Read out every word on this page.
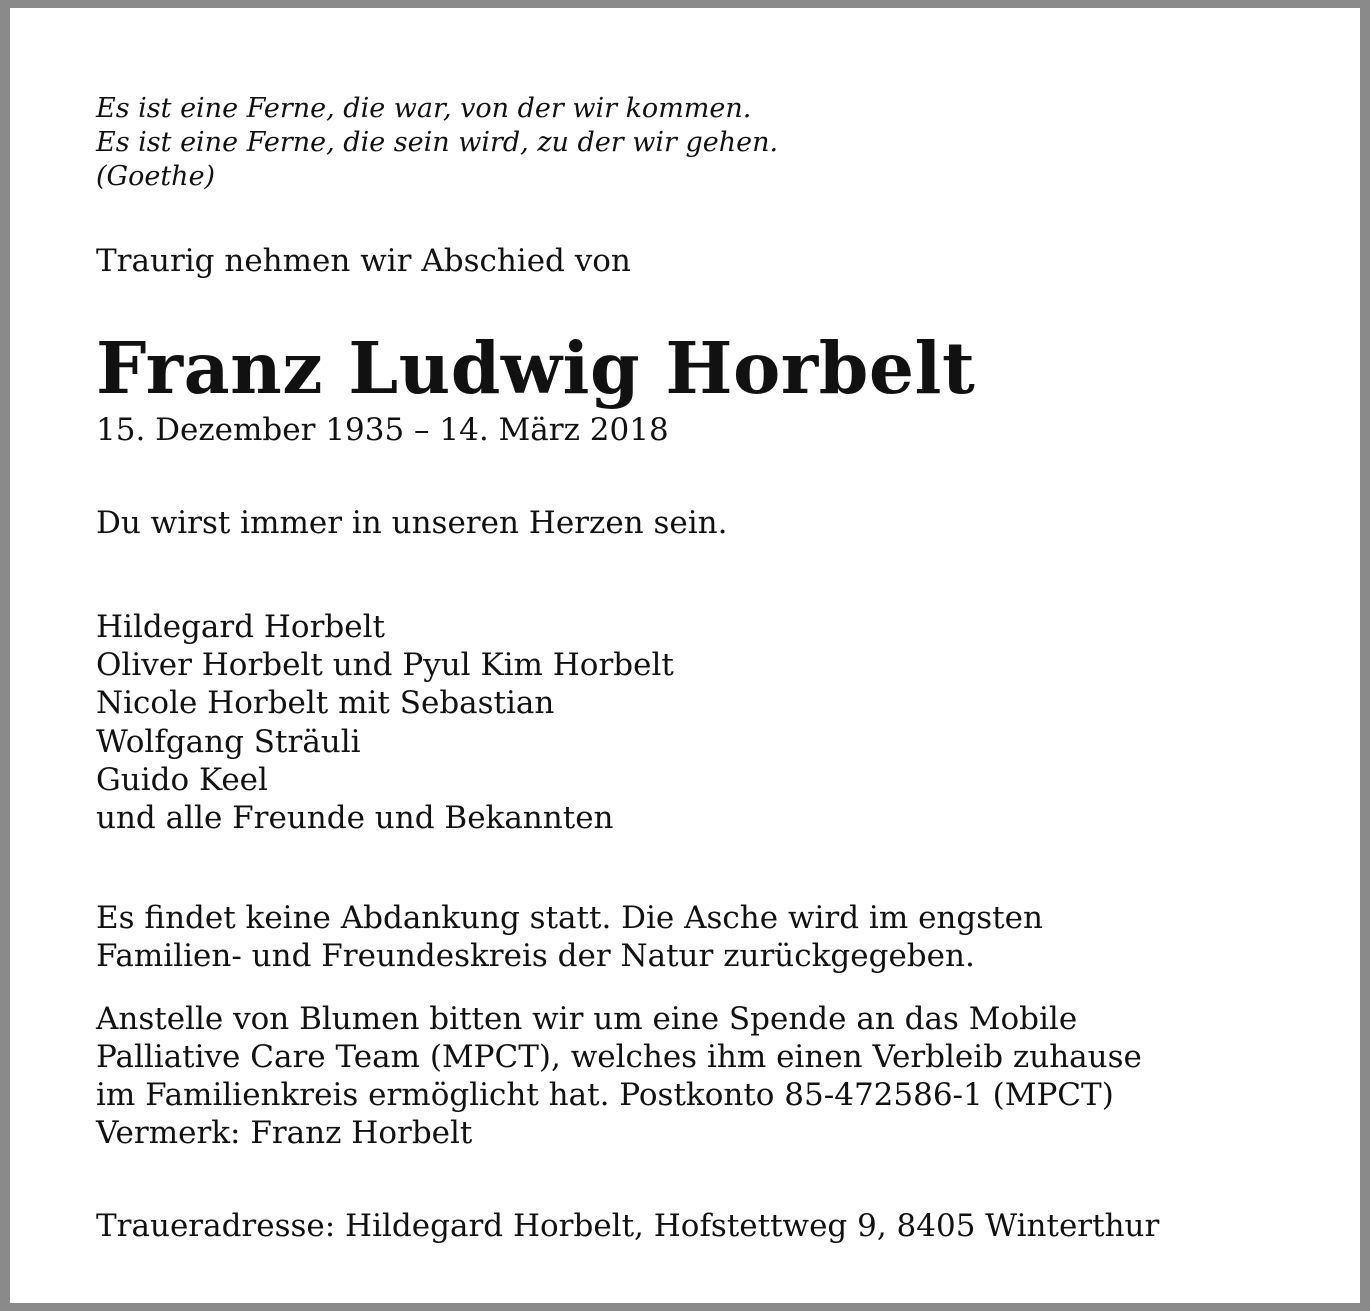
Es ist eine Ferne, die war, von der wir kommen.
Es ist eine Ferne, die sein wird, zu der wir gehen.
(Goethe)
Traurig nehmen wir Abschied von
Franz Ludwig Horbelt
15. Dezember 1935 – 14. März 2018
Du wirst immer in unseren Herzen sein.
Hildegard Horbelt
Oliver Horbelt und Pyul Kim Horbelt
Nicole Horbelt mit Sebastian
Wolfgang Sträuli
Guido Keel
und alle Freunde und Bekannten
Es findet keine Abdankung statt. Die Asche wird im engsten
Familien- und Freundeskreis der Natur zurückgegeben.
Anstelle von Blumen bitten wir um eine Spende an das Mobile
Palliative Care Team (MPCT), welches ihm einen Verbleib zuhause
im Familienkreis ermöglicht hat. Postkonto 85-472586-1 (MPCT)
Vermerk: Franz Horbelt
Traueradresse: Hildegard Horbelt, Hofstettweg 9, 8405 Winterthur
